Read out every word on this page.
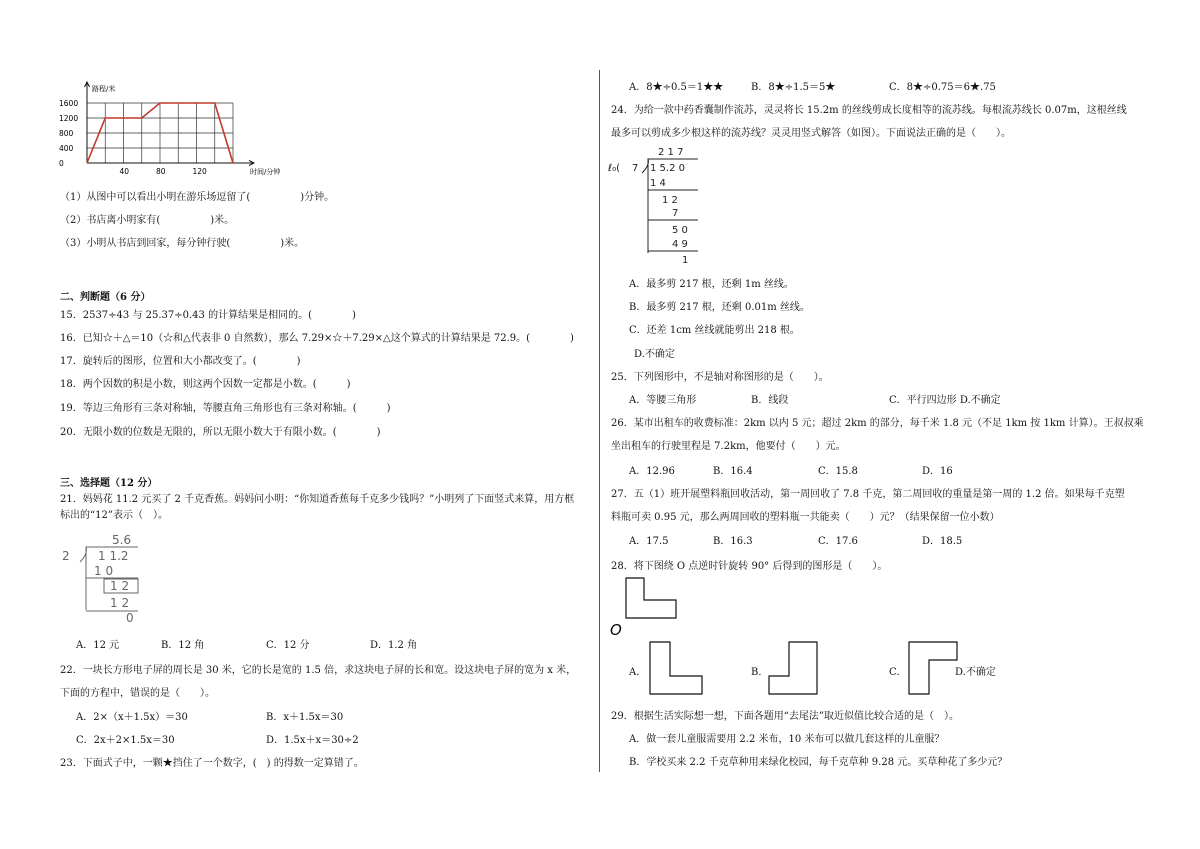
1600
1200
800
400
0
40	80	120
路程/米
时间/分钟
（1）从图中可以看出小明在游乐场逗留了(　　　　　)分钟。
（2）书店离小明家有(　　　　　)米。
（3）小明从书店到回家，每分钟行驶(　　　　　)米。
二、判断题（6 分）
15．2537÷43 与 25.37÷0.43 的计算结果是相同的。(　　　　)
16．已知☆＋△＝10（☆和△代表非 0 自然数），那么 7.29×☆＋7.29×△这个算式的计算结果是 72.9。(　　　　)
17．旋转后的图形，位置和大小都改变了。(　　　　)
18．两个因数的积是小数，则这两个因数一定都是小数。(　　　)
19．等边三角形有三条对称轴，等腰直角三角形也有三条对称轴。(　　　)
20．无限小数的位数是无限的，所以无限小数大于有限小数。(　　　　)
三、选择题（12 分）
21．妈妈花 11.2 元买了 2 千克香蕉。妈妈问小明：“你知道香蕉每千克多少钱吗？”小明列了下面竖式来算，用方框
标出的“12”表示（　）。
5.6
2 1 1.2
1 0
1 2
1 2
0
A．12 元	B．12 角	C．12 分	D．1.2 角
22．一块长方形电子屏的周长是 30 米，它的长是宽的 1.5 倍，求这块电子屏的长和宽。设这块电子屏的宽为 x 米，
下面的方程中，错误的是（　　）。
A．2×（x＋1.5x）＝30	B．x＋1.5x＝30
C．2x＋2×1.5x＝30	D．1.5x＋x＝30÷2
23．下面式子中，一颗★挡住了一个数字，(　) 的得数一定算错了。
A．8★÷0.5＝1★★	B．8★÷1.5＝5★	C．8★÷0.75＝6★.75
24．为给一款中药香囊制作流苏，灵灵将长 15.2m 的丝线剪成长度相等的流苏线。每根流苏线长 0.07m，这根丝线
最多可以剪成多少根这样的流苏线？灵灵用竖式解答（如图）。下面说法正确的是（　　）。
2 1 7
7 1 5.2 0
1 4
1 2
7
5 0
4 9
1
ℓ₀(
A．最多剪 217 根，还剩 1m 丝线。
B．最多剪 217 根，还剩 0.01m 丝线。
C．还差 1cm 丝线就能剪出 218 根。
D.不确定
25．下列图形中，不是轴对称图形的是（　　）。
A．等腰三角形	B．线段	C．平行四边形 D.不确定
26．某市出租车的收费标准：2km 以内 5 元；超过 2km 的部分，每千米 1.8 元（不足 1km 按 1km 计算）。王叔叔乘
坐出租车的行驶里程是 7.2km，他要付（　　）元。
A．12.96	B．16.4	C．15.8	D．16
27．五（1）班开展塑料瓶回收活动，第一周回收了 7.8 千克，第二周回收的重量是第一周的 1.2 倍。如果每千克塑
料瓶可卖 0.95 元，那么两周回收的塑料瓶一共能卖（　　）元？（结果保留一位小数）
A．17.5	B．16.3	C．17.6	D．18.5
28．将下图绕 O 点逆时针旋转 90° 后得到的图形是（　　）。
O
A．	B．	C．	D.不确定
29．根据生活实际想一想，下面各题用“去尾法”取近似值比较合适的是（　）。
A．做一套儿童服需要用 2.2 米布，10 米布可以做几套这样的儿童服？
B．学校买来 2.2 千克草种用来绿化校园，每千克草种 9.28 元。买草种花了多少元？
